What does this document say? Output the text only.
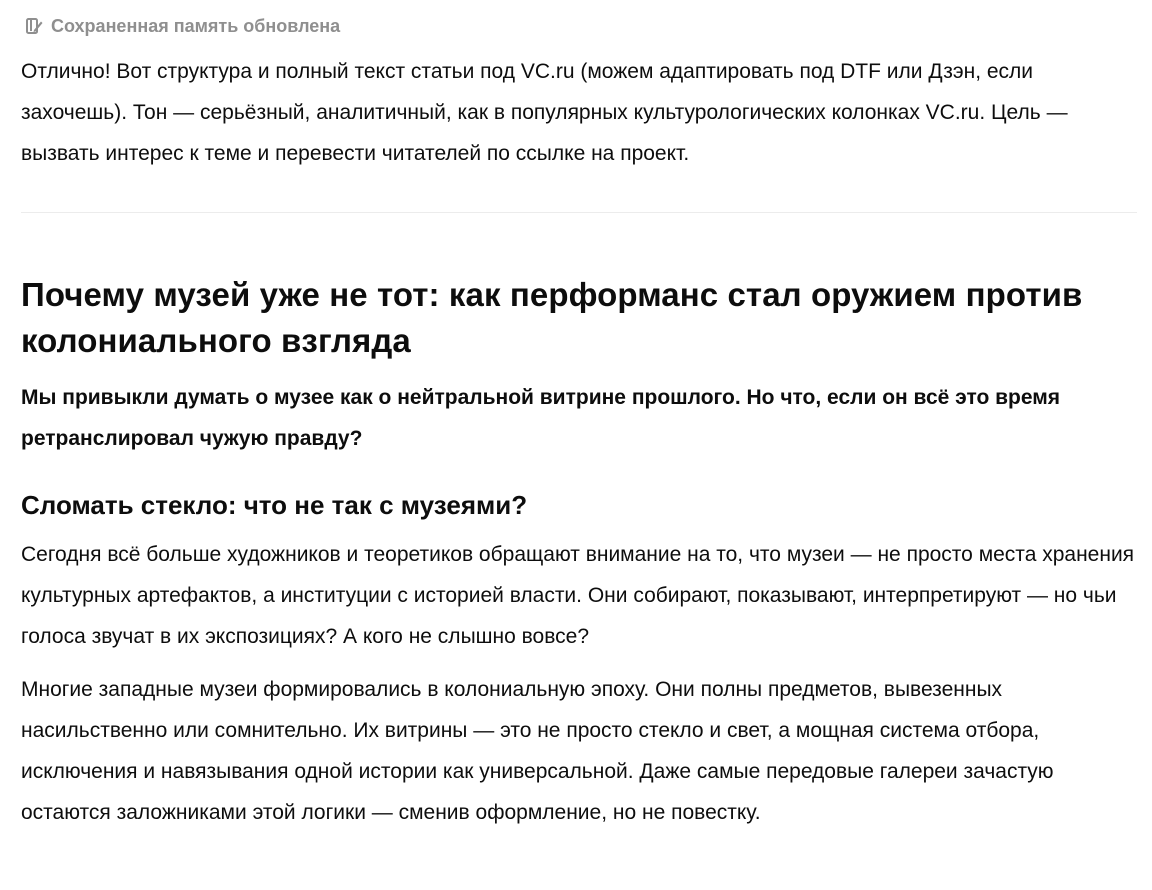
Сохраненная память обновлена

Отлично! Вот структура и полный текст статьи под VC.ru (можем адаптировать под DTF или Дзэн, если захочешь). Тон — серьёзный, аналитичный, как в популярных культурологических колонках VC.ru. Цель — вызвать интерес к теме и перевести читателей по ссылке на проект.

Почему музей уже не тот: как перформанс стал оружием против колониального взгляда

Мы привыкли думать о музее как о нейтральной витрине прошлого. Но что, если он всё это время ретранслировал чужую правду?

Сломать стекло: что не так с музеями?

Сегодня всё больше художников и теоретиков обращают внимание на то, что музеи — не просто места хранения культурных артефактов, а институции с историей власти. Они собирают, показывают, интерпретируют — но чьи голоса звучат в их экспозициях? А кого не слышно вовсе?

Многие западные музеи формировались в колониальную эпоху. Они полны предметов, вывезенных насильственно или сомнительно. Их витрины — это не просто стекло и свет, а мощная система отбора, исключения и навязывания одной истории как универсальной. Даже самые передовые галереи зачастую остаются заложниками этой логики — сменив оформление, но не повестку.
